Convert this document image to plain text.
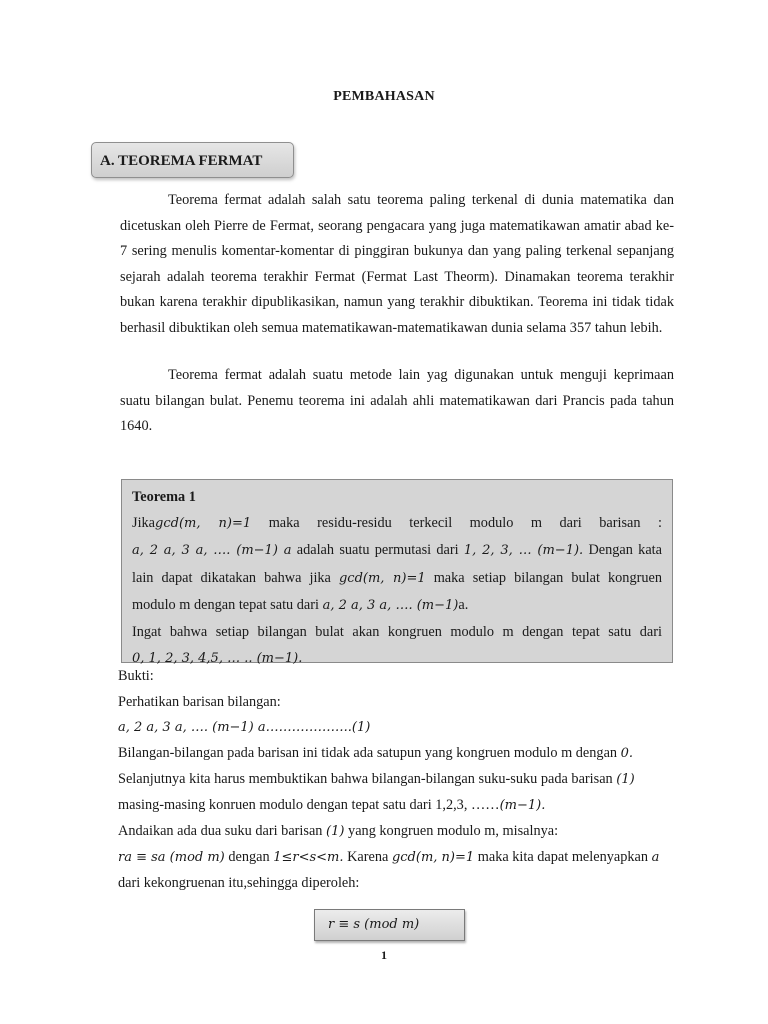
PEMBAHASAN
A. TEOREMA FERMAT

Teorema fermat adalah salah satu teorema paling terkenal di dunia matematika dan dicetuskan oleh Pierre de Fermat, seorang pengacara yang juga matematikawan amatir abad ke-7 sering menulis komentar-komentar di pinggiran bukunya dan yang paling terkenal sepanjang sejarah adalah teorema terakhir Fermat (Fermat Last Theorm). Dinamakan teorema terakhir bukan karena terakhir dipublikasikan, namun yang terakhir dibuktikan. Teorema ini tidak tidak berhasil dibuktikan oleh semua matematikawan-matematikawan dunia selama 357 tahun lebih.

Teorema fermat adalah suatu metode lain yag digunakan untuk menguji keprimaan suatu bilangan bulat. Penemu teorema ini adalah ahli matematikawan dari Prancis pada tahun 1640.

Teorema 1
Jikagcd(m, n)=1 maka residu-residu terkecil modulo m dari barisan :
a, 2 a, 3 a, …. (m−1) a adalah suatu permutasi dari 1, 2, 3, … (m−1). Dengan kata
lain dapat dikatakan bahwa jika gcd(m, n)=1 maka setiap bilangan bulat kongruen
modulo m dengan tepat satu dari a, 2 a, 3 a, …. (m−1)a.
Ingat bahwa setiap bilangan bulat akan kongruen modulo m dengan tepat satu dari
0, 1, 2, 3, 4,5, … .. (m−1).
Bukti:
Perhatikan barisan bilangan:
a, 2 a, 3 a, …. (m−1) a………………..(1)
Bilangan-bilangan pada barisan ini tidak ada satupun yang kongruen modulo m dengan 0.
Selanjutnya kita harus membuktikan bahwa bilangan-bilangan suku-suku pada barisan (1)
masing-masing konruen modulo dengan tepat satu dari 1,2,3, ……(m−1).
Andaikan ada dua suku dari barisan (1) yang kongruen modulo m, misalnya:
ra ≡ sa (mod m) dengan 1≤r<s<m. Karena gcd(m, n)=1 maka kita dapat melenyapkan a
dari kekongruenan itu,sehingga diperoleh:
r ≡ s (mod m)
1
